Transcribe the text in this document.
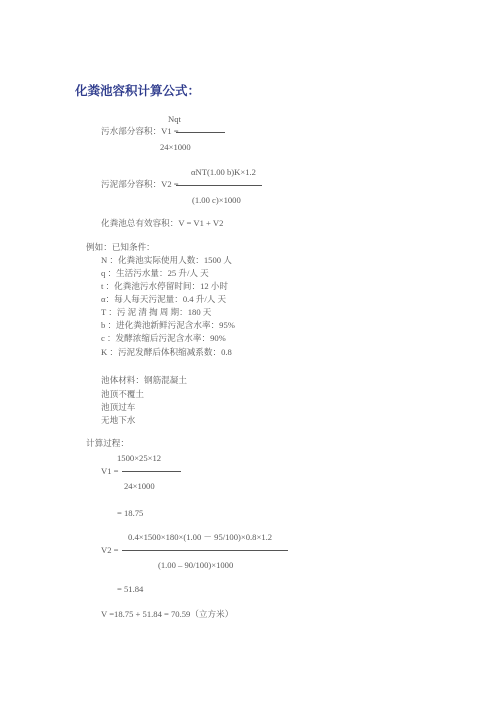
化粪池容积计算公式：
Nqt
污水部分容积：V1 =
24×1000
αNT(1.00 b)K×1.2
污泥部分容积：V2 =
(1.00 c)×1000
化粪池总有效容积：V = V1 + V2
例如：已知条件：
N ：化粪池实际使用人数：1500 人
q ：生活污水量：25 升/人 天
t ：化粪池污水停留时间：12 小时
α：每人每天污泥量：0.4 升/人 天
T ：污 泥 清 掏 周 期：180 天
b ：进化粪池新鲜污泥含水率：95%
c ：发酵浓缩后污泥含水率：90%
K ：污泥发酵后体积缩减系数：0.8
池体材料：钢筋混凝土
池顶不覆土
池顶过车
无地下水
计算过程：
1500×25×12
V1 =
24×1000
= 18.75
0.4×1500×180×(1.00 － 95/100)×0.8×1.2
V2 =
(1.00 – 90/100)×1000
= 51.84
V =18.75 + 51.84 = 70.59（立方米）
